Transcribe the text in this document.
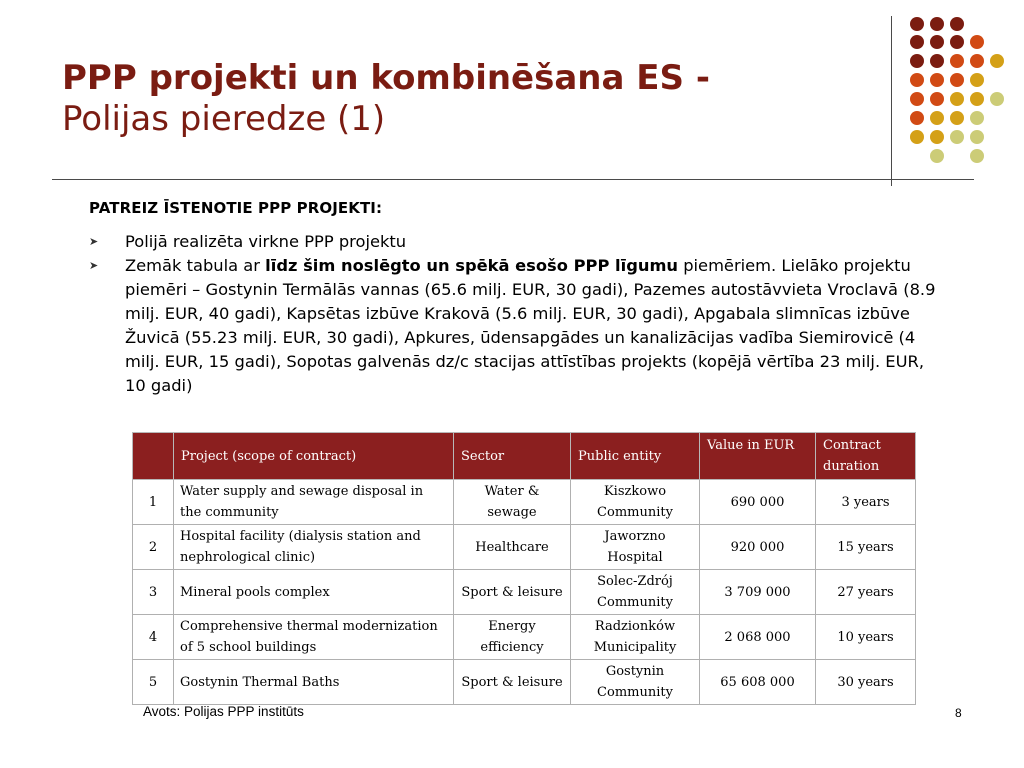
PPP projekti un kombinēšana ES -
Polijas pieredze (1)
PATREIZ ĪSTENOTIE PPP PROJEKTI:
➤ Polijā realizēta virkne PPP projektu
➤ Zemāk tabula ar līdz šim noslēgto un spēkā esošo PPP līgumu piemēriem. Lielāko projektu piemēri – Gostynin Termālās vannas (65.6 milj. EUR, 30 gadi), Pazemes autostāvvieta Vroclavā (8.9 milj. EUR, 40 gadi), Kapsētas izbūve Krakovā (5.6 milj. EUR, 30 gadi), Apgabala slimnīcas izbūve Žuvicā (55.23 milj. EUR, 30 gadi), Apkures, ūdensapgādes un kanalizācijas vadība Siemirovicē (4 milj. EUR, 15 gadi), Sopotas galvenās dz/c stacijas attīstības projekts (kopējā vērtība 23 milj. EUR, 10 gadi)
	Project (scope of contract)	Sector	Public entity	Value in EUR	Contract duration
1	Water supply and sewage disposal in the community	Water & sewage	Kiszkowo Community	690 000	3 years
2	Hospital facility (dialysis station and nephrological clinic)	Healthcare	Jaworzno Hospital	920 000	15 years
3	Mineral pools complex	Sport & leisure	Solec-Zdrój Community	3 709 000	27 years
4	Comprehensive thermal modernization of 5 school buildings	Energy efficiency	Radzionków Municipality	2 068 000	10 years
5	Gostynin Thermal Baths	Sport & leisure	Gostynin Community	65 608 000	30 years
Avots: Polijas PPP institūts	8
